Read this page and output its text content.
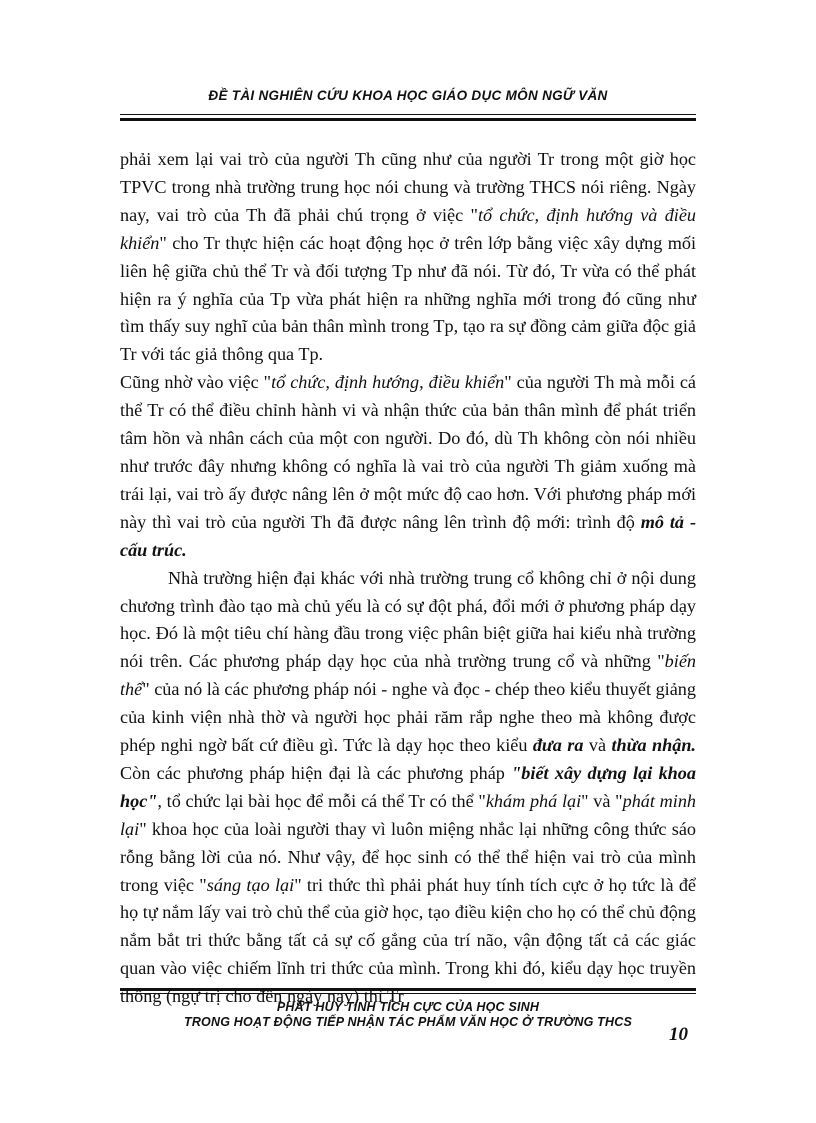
ĐỀ TÀI NGHIÊN CỨU KHOA HỌC GIÁO DỤC MÔN NGỮ VĂN

phải xem lại vai trò của người Th cũng như của người Tr trong một giờ học TPVC trong nhà trường trung học nói chung và trường THCS nói riêng. Ngày nay, vai trò của Th đã phải chú trọng ở việc "tổ chức, định hướng và điều khiển" cho Tr thực hiện các hoạt động học ở trên lớp bằng việc xây dựng mối liên hệ giữa chủ thể Tr và đối tượng Tp như đã nói. Từ đó, Tr vừa có thể phát hiện ra ý nghĩa của Tp vừa phát hiện ra những nghĩa mới trong đó cũng như tìm thấy suy nghĩ của bản thân mình trong Tp, tạo ra sự đồng cảm giữa độc giả Tr với tác giả thông qua Tp.

Cũng nhờ vào việc "tổ chức, định hướng, điều khiển" của người Th mà mỗi cá thể Tr có thể điều chỉnh hành vi và nhận thức của bản thân mình để phát triển tâm hồn và nhân cách của một con người. Do đó, dù Th không còn nói nhiều như trước đây nhưng không có nghĩa là vai trò của người Th giảm xuống mà trái lại, vai trò ấy được nâng lên ở một mức độ cao hơn. Với phương pháp mới này thì vai trò của người Th đã được nâng lên trình độ mới: trình độ mô tả - cấu trúc.

Nhà trường hiện đại khác với nhà trường trung cổ không chỉ ở nội dung chương trình đào tạo mà chủ yếu là có sự đột phá, đổi mới ở phương pháp dạy học. Đó là một tiêu chí hàng đầu trong việc phân biệt giữa hai kiểu nhà trường nói trên. Các phương pháp dạy học của nhà trường trung cổ và những "biến thể" của nó là các phương pháp nói - nghe và đọc - chép theo kiểu thuyết giảng của kinh viện nhà thờ và người học phải răm rắp nghe theo mà không được phép nghi ngờ bất cứ điều gì. Tức là dạy học theo kiểu đưa ra và thừa nhận. Còn các phương pháp hiện đại là các phương pháp "biết xây dựng lại khoa học", tổ chức lại bài học để mỗi cá thể Tr có thể "khám phá lại" và "phát minh lại" khoa học của loài người thay vì luôn miệng nhắc lại những công thức sáo rỗng bằng lời của nó. Như vậy, để học sinh có thể thể hiện vai trò của mình trong việc "sáng tạo lại" tri thức thì phải phát huy tính tích cực ở họ tức là để họ tự nắm lấy vai trò chủ thể của giờ học, tạo điều kiện cho họ có thể chủ động nắm bắt tri thức bằng tất cả sự cố gắng của trí não, vận động tất cả các giác quan vào việc chiếm lĩnh tri thức của mình. Trong khi đó, kiểu dạy học truyền thống (ngự trị cho đến ngày nay) thì Tr

PHÁT HUY TÍNH TÍCH CỰC CỦA HỌC SINH
TRONG HOẠT ĐỘNG TIẾP NHẬN TÁC PHẨM VĂN HỌC Ở TRƯỜNG THCS
10
